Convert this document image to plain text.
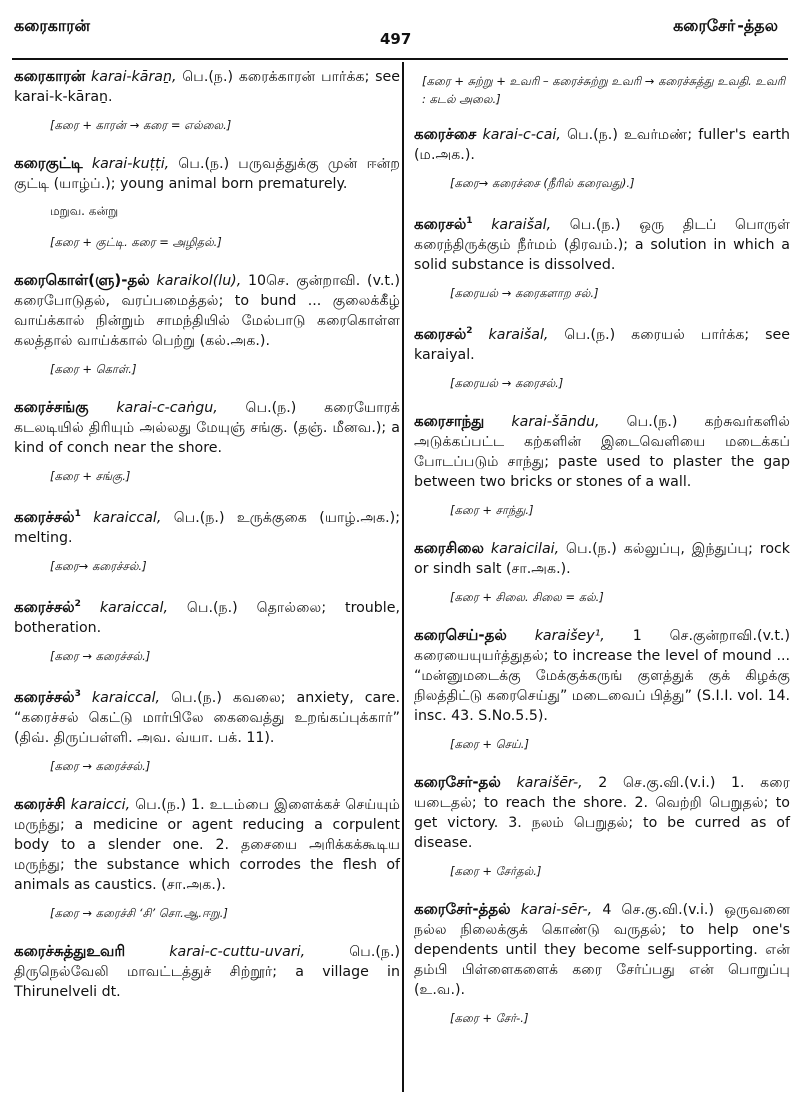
கரைகாரன்
497
கரைசோ்-த்தல
கரைகாரன் karai-kāraṉ, பெ.(ந.) கரைக்காரன் பார்க்க; see karai-k-kāraṉ.
[கரை + காரன் → கரை = எல்லை.]
கரைகுட்டி karai-kuṭṭi, பெ.(ந.) பருவத்துக்கு முன் ஈன்ற குட்டி (யாழ்ப்.); young animal born prematurely.
மறுவ. கன்று
[கரை + குட்டி. கரை = அழிதல்.]
கரைகொள்(ளு)-தல் karaikol(lu), 10செ. குன்றாவி. (v.t.) கரைபோடுதல், வரப்பமைத்தல்; to bund ... குலைக்கீழ் வாய்க்கால் நின்றும் சாமந்தியில் மேல்பாடு கரைகொள்ள கலத்தால் வாய்க்கால் பெற்று (கல்.அக.).
[கரை + கொள்.]
கரைச்சங்கு karai-c-caṅgu, பெ.(ந.) கரையோரக் கடலடியில் திரியும் அல்லது மேயுஞ் சங்கு. (தஞ். மீனவ.); a kind of conch near the shore.
[கரை + சங்கு.]
கரைச்சல்$^1$ karaiccal, பெ.(ந.) உருக்குகை (யாழ்.அக.); melting.
[கரை→ கரைச்சல்.]
கரைச்சல்$^2$ karaiccal, பெ.(ந.) தொல்லை; trouble, botheration.
[கரை → கரைச்சல்.]
கரைச்சல்$^3$ karaiccal, பெ.(ந.) கவலை; anxiety, care. “கரைச்சல் கெட்டு மார்பிலே கைவைத்து உறங்கப்புக்கார்” (திவ். திருப்பள்ளி. அவ. வ்யா. பக். 11).
[கரை → கரைச்சல்.]
கரைச்சி karaicci, பெ.(ந.) 1. உடம்பை இளைக்கச் செய்யும் மருந்து; a medicine or agent reducing a corpulent body to a slender one. 2. தசையை அரிக்கக்கூடிய மருந்து; the substance which corrodes the flesh of animals as caustics. (சா.அக.).
[கரை → கரைச்சி ‘சி’ சொ.ஆ.ஈறு.]
கரைச்சுத்துஉவரி	karai-c-cuttu-uvari,	பெ.(ந.) திருநெல்வேலி மாவட்டத்துச் சிற்றூர்; a village in Thirunelveli dt.
[கரை + சுற்று + உவரி – கரைச்சுற்று உவரி → கரைச்சுத்து உவதி. உவரி : கடல் அலை.]
கரைச்சை karai-c-cai, பெ.(ந.) உவர்மண்; fuller's earth (ம.அக.).
[கரை→ கரைச்சை (நீரில் கரைவது).]
கரைசல்$^1$ karaišal, பெ.(ந.) ஒரு திடப் பொருள் கரைந்திருக்கும் நீர்மம் (திரவம்.); a solution in which a solid substance is dissolved.
[கரையல் → கரைகளாற சல்.]
கரைசல்$^2$ karaišal, பெ.(ந.) கரையல் பார்க்க; see karaiyal.
[கரையல் → கரைசல்.]
கரைசாந்து karai-šāndu, பெ.(ந.) கற்சுவர்களில் அடுக்கப்பட்ட கற்களின் இடைவெளியை மடைக்கப் போடப்படும் சாந்து; paste used to plaster the gap between two bricks or stones of a wall.
[கரை + சாந்து.]
கரைசிலை karaicilai, பெ.(ந.) கல்லுப்பு, இந்துப்பு; rock or sindh salt (சா.அக.).
[கரை + சிலை. சிலை = கல்.]
கரைசெய்-தல் karaišey¹, 1 செ.குன்றாவி.(v.t.) கரையையுயர்த்துதல்; to increase the level of mound ... “மன்னுமடைக்கு மேக்குக்கருங் குளத்துக் குக் கிழக்கு நிலத்திட்டு கரைசெய்து” மடைவைப் பித்து” (S.I.I. vol. 14. insc. 43. S.No.5.5).
[கரை + செய்.]
கரைசேர்-தல் karaišēr-, 2 செ.கு.வி.(v.i.) 1. கரை யடைதல்; to reach the shore. 2. வெற்றி பெறுதல்; to get victory. 3. நலம் பெறுதல்; to be curred as of disease.
[கரை + சேர்தல்.]
கரைசேர்-த்தல் karai-sēr-, 4 செ.கு.வி.(v.i.) ஒருவனை நல்ல நிலைக்குக் கொண்டு வருதல்; to help one's dependents until they become self-supporting. என் தம்பி பிள்ளைகளைக் கரை சேர்ப்பது என் பொறுப்பு (உ.வ.).
[கரை + சேர்-.]
